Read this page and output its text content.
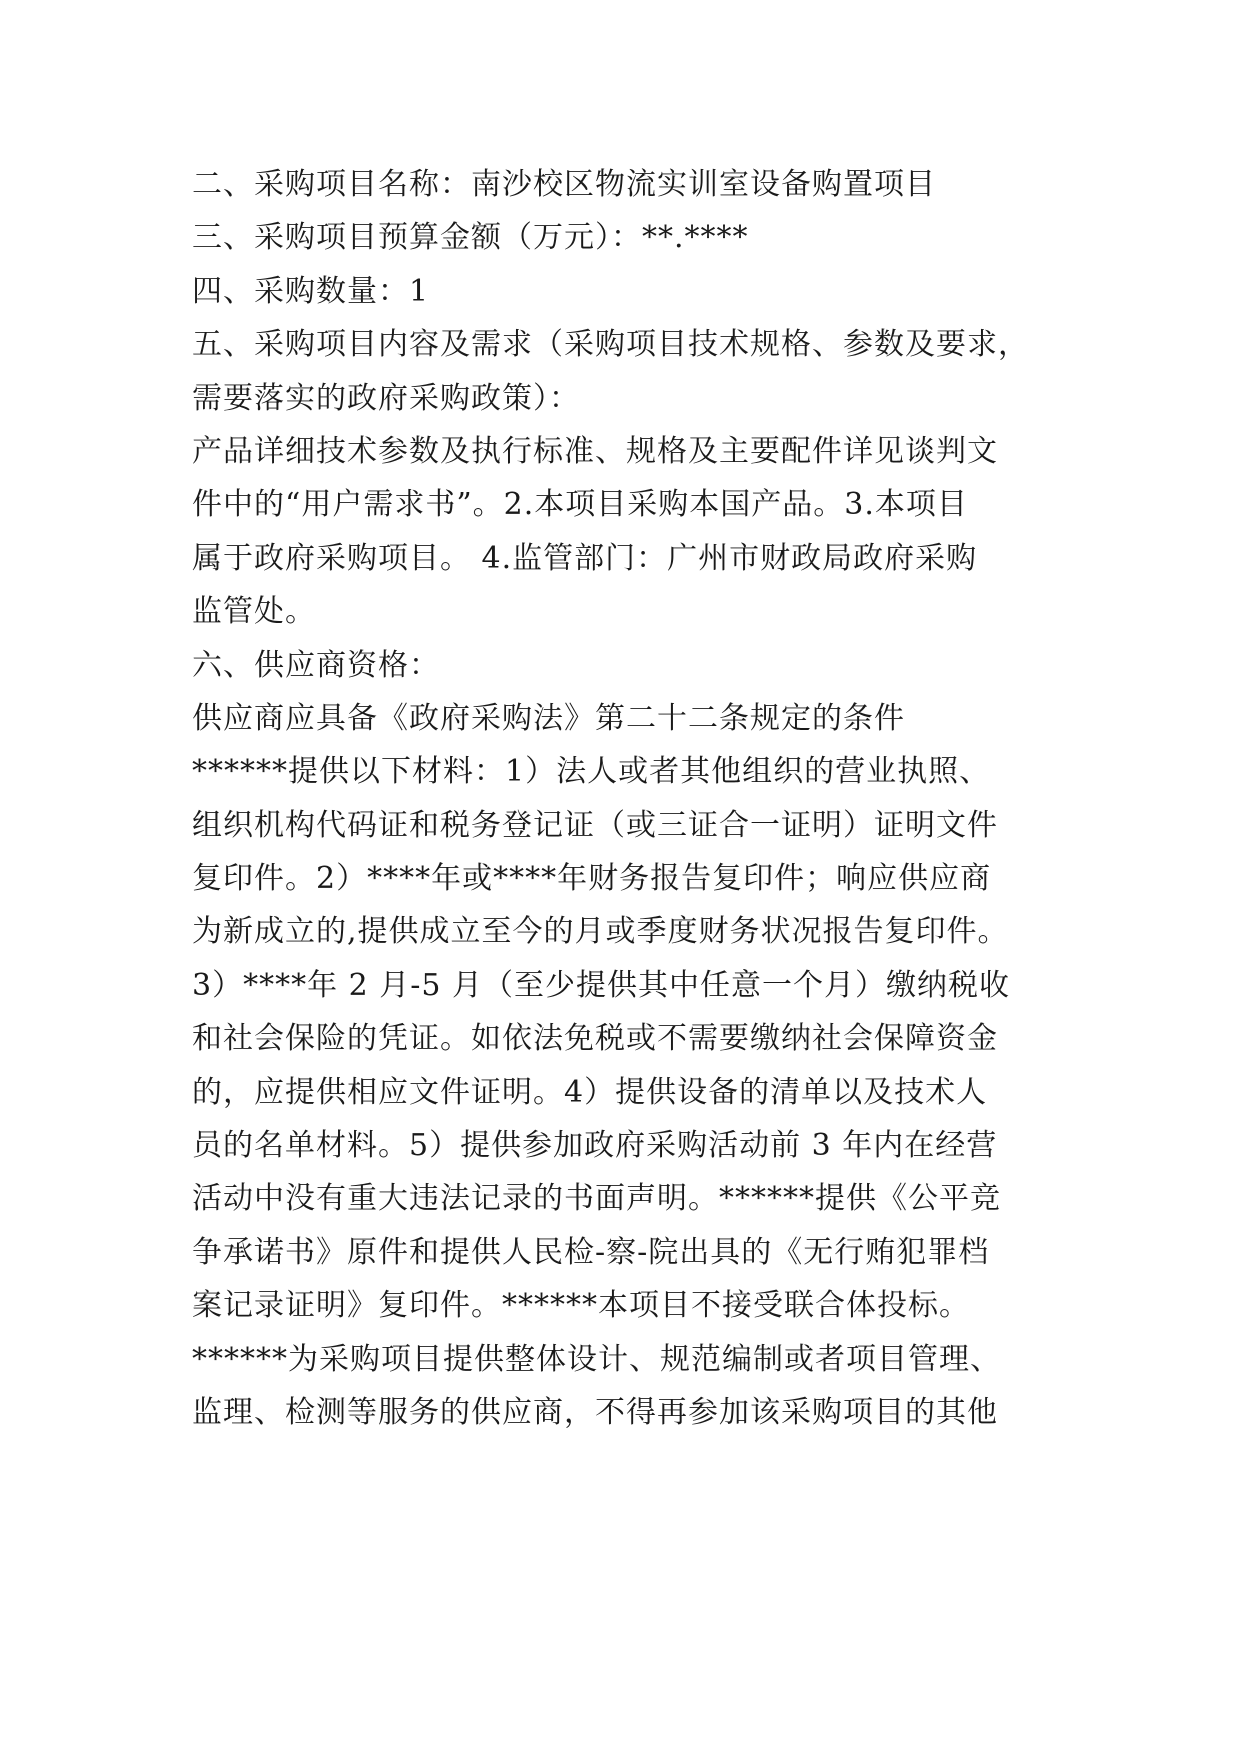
二、采购项目名称：南沙校区物流实训室设备购置项目
三、采购项目预算金额（万元）：**.****
四、采购数量：1
五、采购项目内容及需求（采购项目技术规格、参数及要求，
需要落实的政府采购政策）：
产品详细技术参数及执行标准、规格及主要配件详见谈判文
件中的“用户需求书”。2.本项目采购本国产品。3.本项目
属于政府采购项目。 4.监管部门：广州市财政局政府采购
监管处。
六、供应商资格：
供应商应具备《政府采购法》第二十二条规定的条件
******提供以下材料：1）法人或者其他组织的营业执照、
组织机构代码证和税务登记证（或三证合一证明）证明文件
复印件。2）****年或****年财务报告复印件；响应供应商
为新成立的,提供成立至今的月或季度财务状况报告复印件。
3）****年 2 月-5 月（至少提供其中任意一个月）缴纳税收
和社会保险的凭证。如依法免税或不需要缴纳社会保障资金
的，应提供相应文件证明。4）提供设备的清单以及技术人
员的名单材料。5）提供参加政府采购活动前 3 年内在经营
活动中没有重大违法记录的书面声明。******提供《公平竞
争承诺书》原件和提供人民检-察-院出具的《无行贿犯罪档
案记录证明》复印件。******本项目不接受联合体投标。
******为采购项目提供整体设计、规范编制或者项目管理、
监理、检测等服务的供应商，不得再参加该采购项目的其他
